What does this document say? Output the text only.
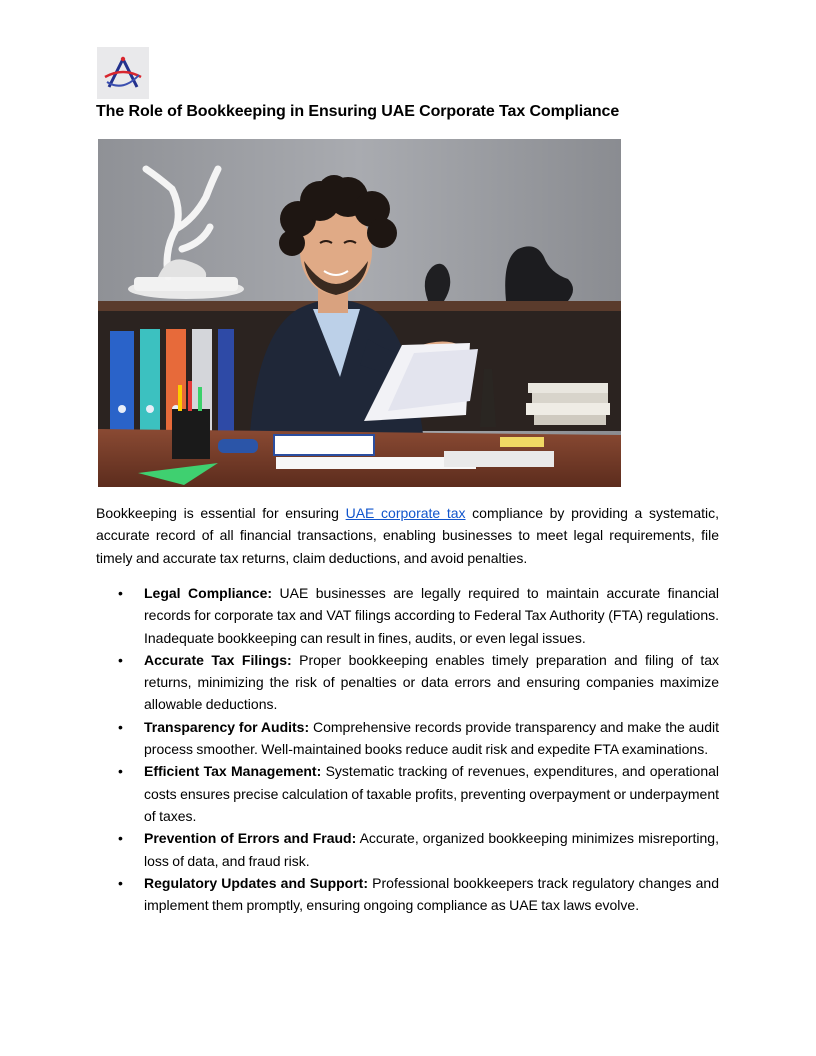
The Role of Bookkeeping in Ensuring UAE Corporate Tax Compliance

Bookkeeping is essential for ensuring UAE corporate tax compliance by providing a systematic, accurate record of all financial transactions, enabling businesses to meet legal requirements, file timely and accurate tax returns, claim deductions, and avoid penalties.

• Legal Compliance: UAE businesses are legally required to maintain accurate financial records for corporate tax and VAT filings according to Federal Tax Authority (FTA) regulations. Inadequate bookkeeping can result in fines, audits, or even legal issues.
• Accurate Tax Filings: Proper bookkeeping enables timely preparation and filing of tax returns, minimizing the risk of penalties or data errors and ensuring companies maximize allowable deductions.
• Transparency for Audits: Comprehensive records provide transparency and make the audit process smoother. Well-maintained books reduce audit risk and expedite FTA examinations.
• Efficient Tax Management: Systematic tracking of revenues, expenditures, and operational costs ensures precise calculation of taxable profits, preventing overpayment or underpayment of taxes.
• Prevention of Errors and Fraud: Accurate, organized bookkeeping minimizes misreporting, loss of data, and fraud risk.
• Regulatory Updates and Support: Professional bookkeepers track regulatory changes and implement them promptly, ensuring ongoing compliance as UAE tax laws evolve.
